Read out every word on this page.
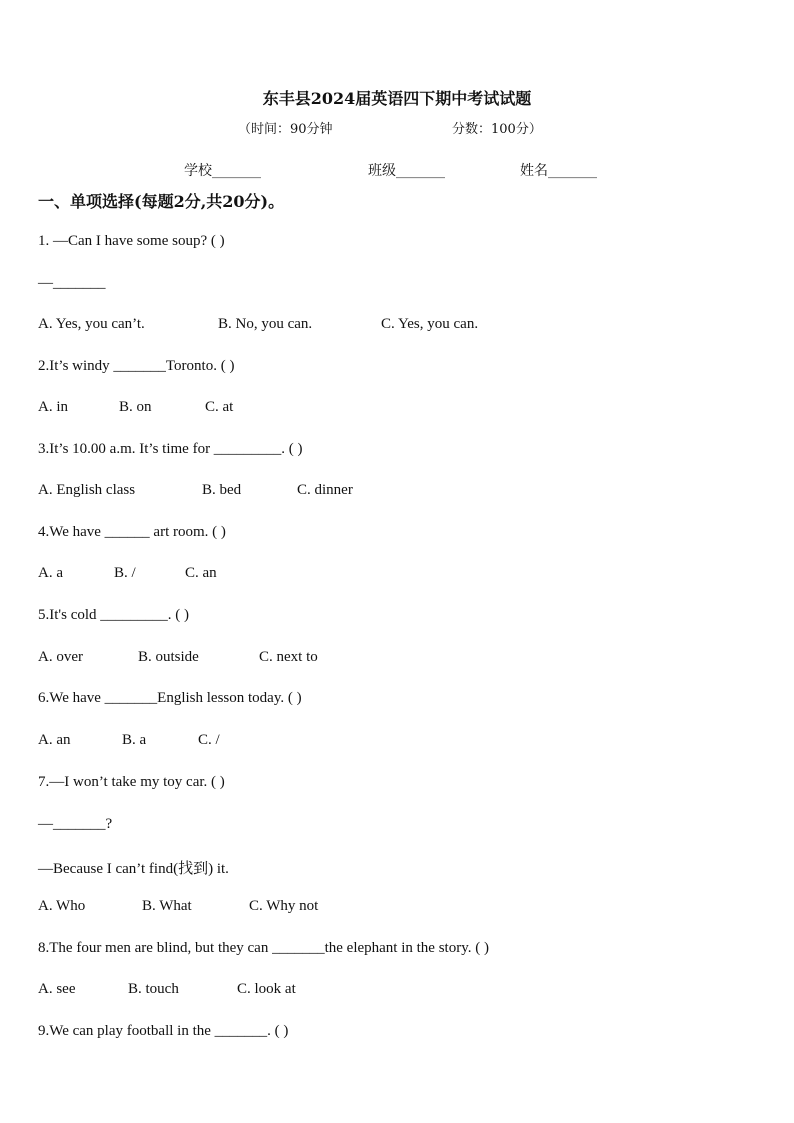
东丰县2024届英语四下期中考试试题
（时间：90分钟	分数：100分）
学校_______	班级_______	姓名_______
一、单项选择(每题2分,共20分)。
1. —Can I have some soup? ( )
—_______
A. Yes, you can’t.	B. No, you can.	C. Yes, you can.
2.It’s windy _______Toronto. ( )
A. in	B. on	C. at
3.It’s 10.00 a.m. It’s time for _________. ( )
A. English class	B. bed	C. dinner
4.We have ______ art room. ( )
A. a	B. /	C. an
5.It's cold _________. ( )
A. over	B. outside	C. next to
6.We have _______English lesson today. ( )
A. an	B. a	C. /
7.—I won’t take my toy car. ( )
—_______?
—Because I can’t find(找到) it.
A. Who	B. What	C. Why not
8.The four men are blind, but they can _______the elephant in the story. ( )
A. see	B. touch	C. look at
9.We can play football in the _______. ( )
